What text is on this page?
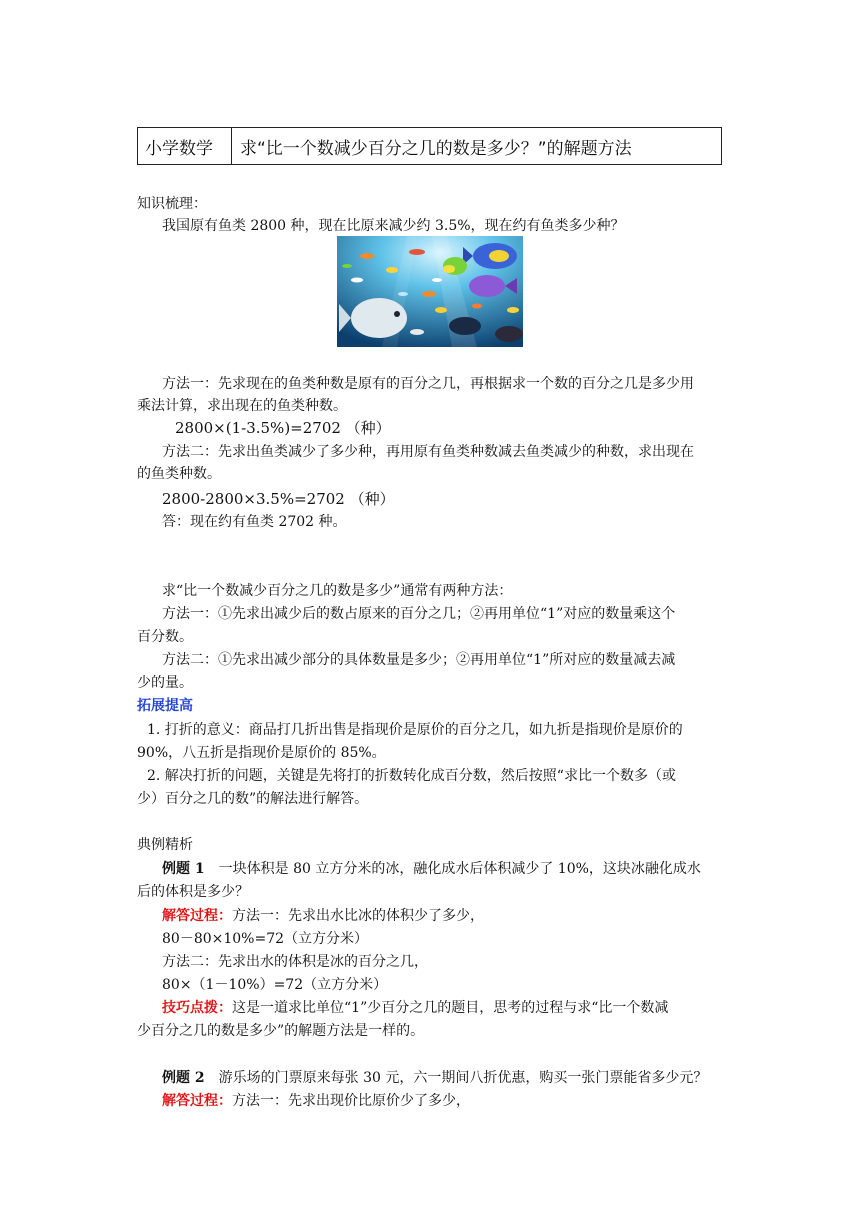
小学数学	求“比一个数减少百分之几的数是多少？”的解题方法
知识梳理：
我国原有鱼类 2800 种，现在比原来减少约 3.5%，现在约有鱼类多少种？
方法一：先求现在的鱼类种数是原有的百分之几，再根据求一个数的百分之几是多少用
乘法计算，求出现在的鱼类种数。
2800×(1-3.5%)=2702 （种）
方法二：先求出鱼类减少了多少种，再用原有鱼类种数减去鱼类减少的种数，求出现在
的鱼类种数。
2800-2800×3.5%=2702 （种）
答：现在约有鱼类 2702 种。
求“比一个数减少百分之几的数是多少”通常有两种方法：
方法一：①先求出减少后的数占原来的百分之几；②再用单位“1”对应的数量乘这个
百分数。
方法二：①先求出减少部分的具体数量是多少；②再用单位“1”所对应的数量减去减
少的量。
拓展提高
1. 打折的意义：商品打几折出售是指现价是原价的百分之几，如九折是指现价是原价的
90%，八五折是指现价是原价的 85%。
2. 解决打折的问题，关键是先将打的折数转化成百分数，然后按照“求比一个数多（或
少）百分之几的数”的解法进行解答。
典例精析
例题 1　 一块体积是 80 立方分米的冰，融化成水后体积减少了 10%，这块冰融化成水
后的体积是多少？
解答过程：方法一：先求出水比冰的体积少了多少，
80－80×10%=72（立方分米）
方法二：先求出水的体积是冰的百分之几，
80×（1－10%）=72（立方分米）
技巧点拨：这是一道求比单位“1”少百分之几的题目，思考的过程与求“比一个数减
少百分之几的数是多少”的解题方法是一样的。
例题 2　 游乐场的门票原来每张 30 元，六一期间八折优惠，购买一张门票能省多少元？
解答过程：方法一：先求出现价比原价少了多少，
